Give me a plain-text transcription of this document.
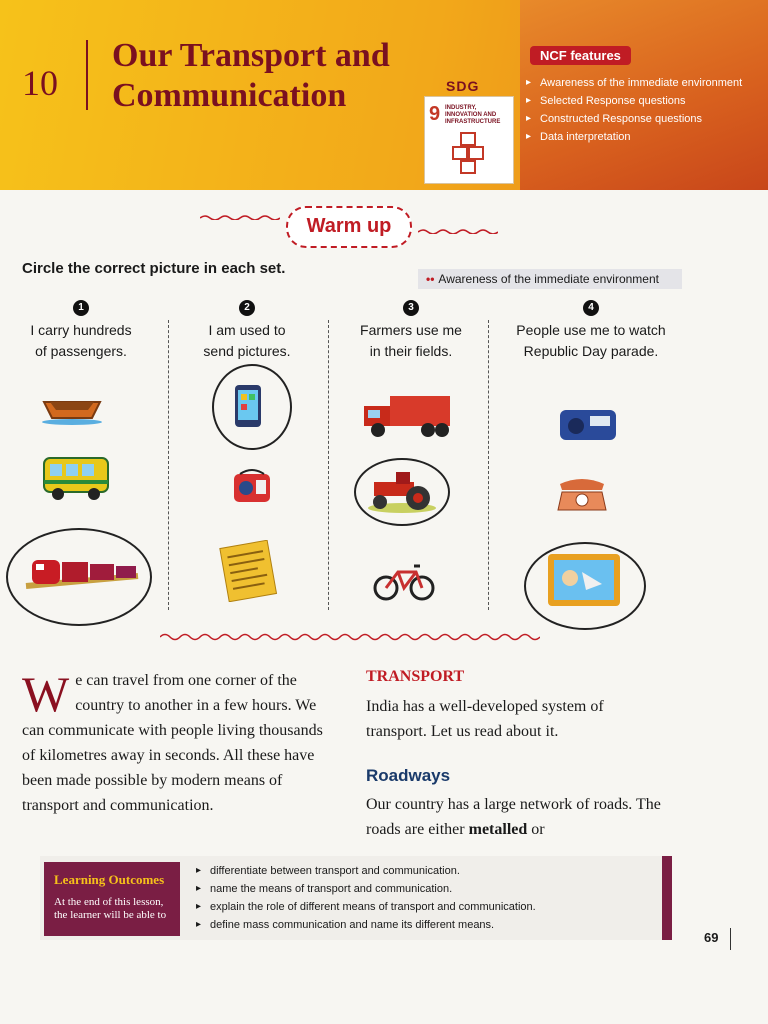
10
Our Transport and
Communication	SDG
9 INDUSTRY, INNOVATION AND INFRASTRUCTURE
NCF features
▸ Awareness of the immediate environment
▸ Selected Response questions
▸ Constructed Response questions
▸ Data interpretation
Warm up
Circle the correct picture in each set.
•• Awareness of the immediate environment
1
I carry hundreds
of passengers.
2
I am used to
send pictures.
3
Farmers use me
in their fields.
4
People use me to watch
Republic Day parade.
We can travel from one corner of the country to another in a few hours. We can communicate with people living thousands of kilometres away in seconds. All these have been made possible by modern means of transport and communication.
TRANSPORT
India has a well-developed system of transport. Let us read about it.
Roadways
Our country has a large network of roads. The roads are either metalled or
Learning Outcomes
At the end of this lesson, the learner will be able to
▸ differentiate between transport and communication.
▸ name the means of transport and communication.
▸ explain the role of different means of transport and communication.
▸ define mass communication and name its different means.
69
